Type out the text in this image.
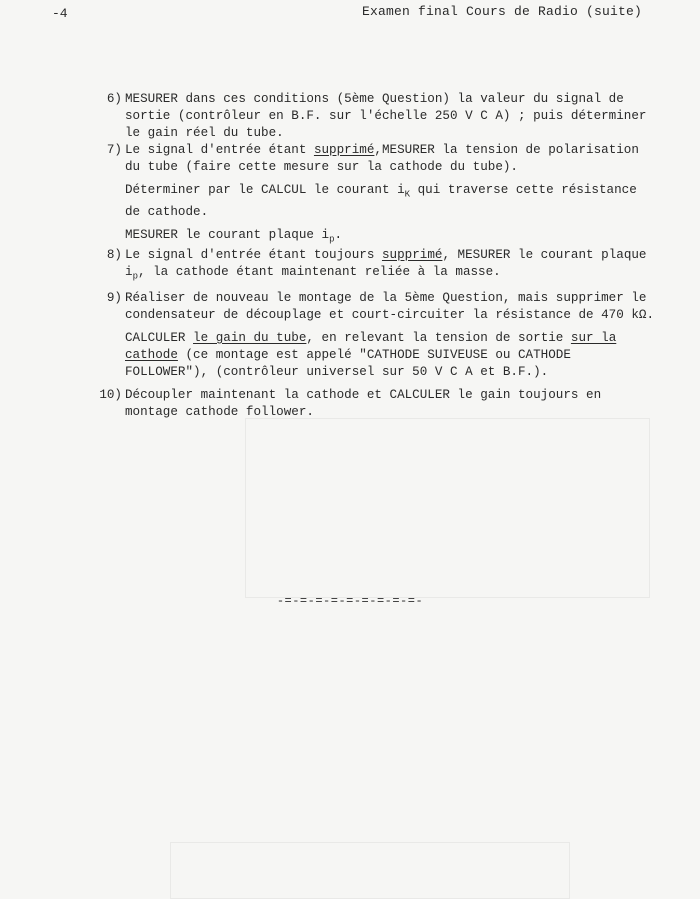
-4	Examen final Cours de Radio (suite)
6) MESURER dans ces conditions (5ème Question) la valeur du signal de sortie (contrôleur en B.F. sur l'échelle 250 V C A) ; puis déterminer le gain réel du tube.

7) Le signal d'entrée étant supprimé,MESURER la tension de polarisation du tube (faire cette mesure sur la cathode du tube).

Déterminer par le CALCUL le courant $i_K$ qui traverse cette résistance de cathode.

MESURER le courant plaque $i_p$.

8) Le signal d'entrée étant toujours supprimé, MESURER le courant plaque $i_p$, la cathode étant maintenant reliée à la masse.

9) Réaliser de nouveau le montage de la 5ème Question, mais supprimer le condensateur de découplage et court-circuiter la résistance de 470 kΩ.

CALCULER le gain du tube, en relevant la tension de sortie sur la cathode (ce montage est appelé "CATHODE SUIVEUSE ou CATHODE FOLLOWER"), (contrôleur universel sur 50 V C A et B.F.).

10) Découpler maintenant la cathode et CALCULER le gain toujours en montage cathode follower.

-=-=-=-=-=-=-=-=-=-
